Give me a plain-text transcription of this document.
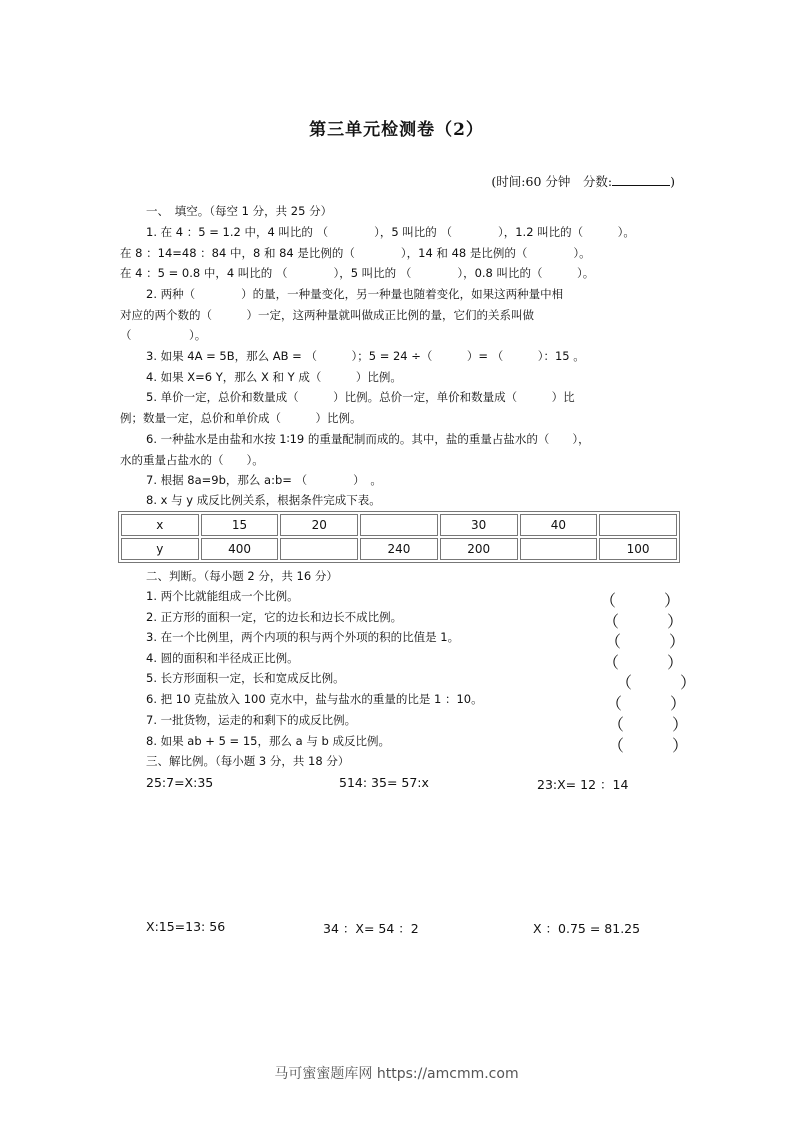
第三单元检测卷（2）
(时间:60 分钟　分数:	)
一、　填空。（每空 1 分，共 25 分）
1. 在 4 ：5 = 1.2 中，4 叫比的 （　　　　），5 叫比的 （　　　　），1.2 叫比的（　　　）。
在 8 ：14=48 ：84 中，8 和 84 是比例的（　　　　），14 和 48 是比例的（　　　　）。
在 4 ：5 = 0.8 中，4 叫比的 （　　　　），5 叫比的 （　　　　），0.8 叫比的（　　　）。
2. 两种（　　　　）的量，一种量变化，另一种量也随着变化，如果这两种量中相
对应的两个数的（　　　）一定，这两种量就叫做成正比例的量，它们的关系叫做
（　　　　　）。
3. 如果 4A = 5B，那么 AB = （　　　）；5 = 24 ÷（　　　）= （　　　）：15 。
4. 如果 X=6 Y，那么 X 和 Y 成（　　　）比例。
5. 单价一定，总价和数量成（　　　）比例。总价一定，单价和数量成（　　　）比
例；数量一定，总价和单价成（　　　）比例。
6. 一种盐水是由盐和水按 1∶19 的重量配制而成的。其中，盐的重量占盐水的（　　），
水的重量占盐水的（　　）。
7. 根据 8a=9b，那么 a:b= （　　　　）　。
8. x 与 y 成反比例关系，根据条件完成下表。
x	15	20		30	40	
y	400		240	200		100
二、判断。（每小题 2 分，共 16 分）
1. 两个比就能组成一个比例。	（　　　）
2. 正方形的面积一定，它的边长和边长不成比例。	（　　　）
3. 在一个比例里，两个内项的积与两个外项的积的比值是 1。	（　　　）
4. 圆的面积和半径成正比例。	（　　　）
5. 长方形面积一定，长和宽成反比例。	（　　　）
6. 把 10 克盐放入 100 克水中，盐与盐水的重量的比是 1 ：10。	（　　　）
7. 一批货物，运走的和剩下的成反比例。	（　　　）
8. 如果 ab + 5 = 15，那么 a 与 b 成反比例。	（　　　）
三、解比例。（每小题 3 分，共 18 分）
25:7=X:35	514: 35= 57:x	23:X= 12 ：14
X:15=13: 56	34 ：X= 54 ：2	X ：0.75 = 81.25
马可蜜蜜题库网 https://amcmm.com
